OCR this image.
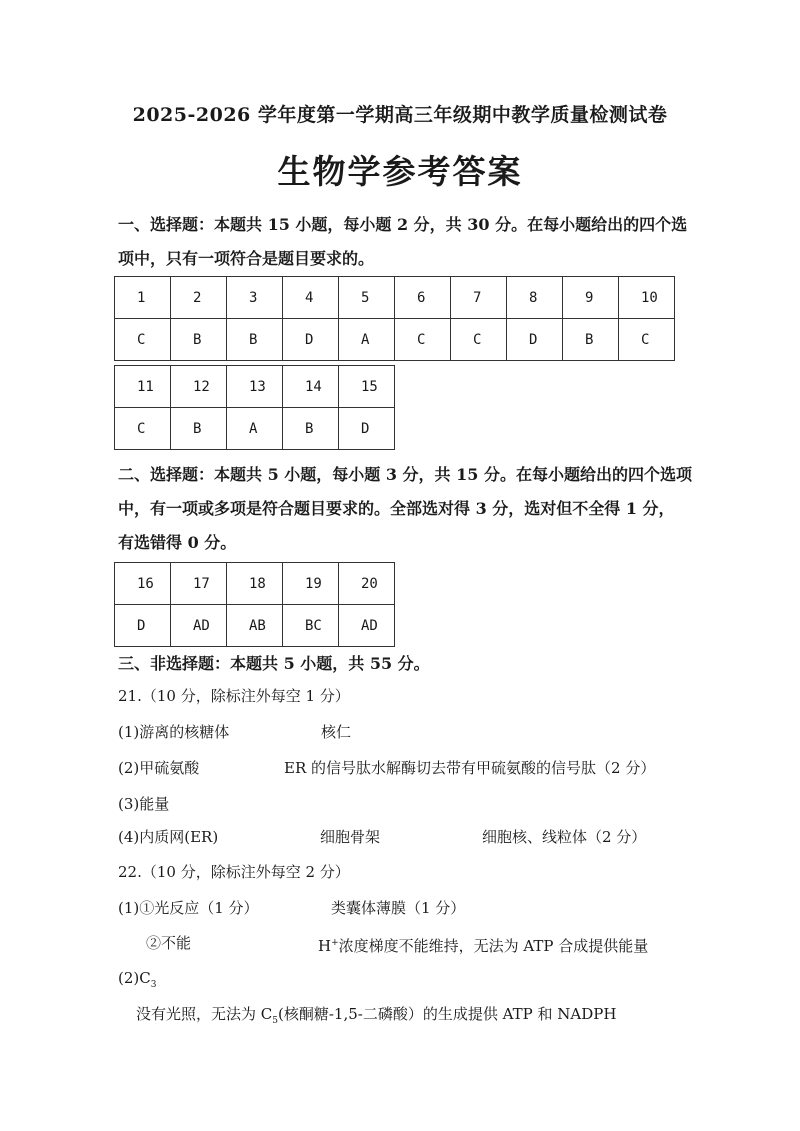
2025-2026 学年度第一学期高三年级期中教学质量检测试卷
生物学参考答案
一、选择题：本题共 15 小题，每小题 2 分，共 30 分。在每小题给出的四个选
项中，只有一项符合是题目要求的。
1	2	3	4	5	6	7	8	9	10
C	B	B	D	A	C	C	D	B	C
11	12	13	14	15
C	B	A	B	D
二、选择题：本题共 5 小题，每小题 3 分，共 15 分。在每小题给出的四个选项
中，有一项或多项是符合题目要求的。全部选对得 3 分，选对但不全得 1 分，
有选错得 0 分。
16	17	18	19	20
D	AD	AB	BC	AD
三、非选择题：本题共 5 小题，共 55 分。
21.（10 分，除标注外每空 1 分）
(1)游离的核糖体	核仁
(2)甲硫氨酸	ER 的信号肽水解酶切去带有甲硫氨酸的信号肽（2 分）
(3)能量
(4)内质网(ER)	细胞骨架	细胞核、线粒体（2 分）
22.（10 分，除标注外每空 2 分）
(1)①光反应（1 分）	类囊体薄膜（1 分）
②不能	H+浓度梯度不能维持，无法为 ATP 合成提供能量
$(2)C_3$
没有光照，无法为 $C_5$(核酮糖-1,5-二磷酸）的生成提供 ATP 和 NADPH
